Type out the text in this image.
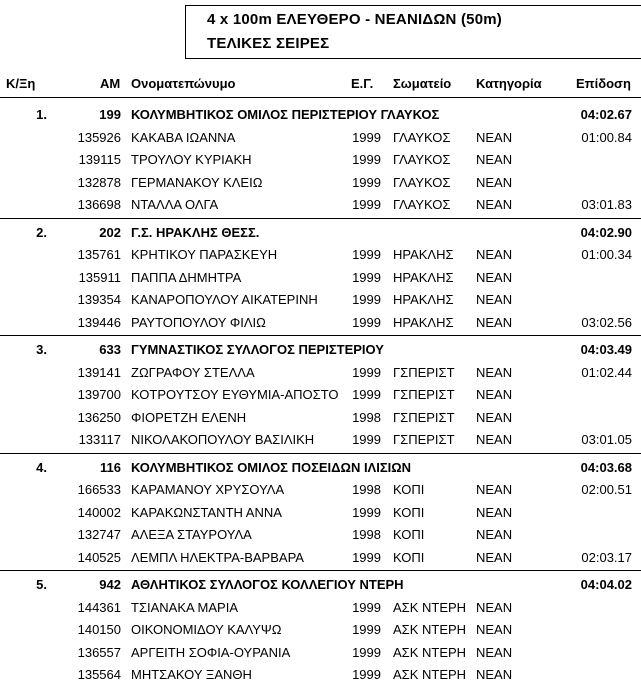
4 x 100m ΕΛΕΥΘΕΡΟ - ΝΕΑΝΙΔΩΝ (50m)
ΤΕΛΙΚΕΣ ΣΕΙΡΕΣ
Κ/Ξη	ΑΜ Ονοματεπώνυμο	Ε.Γ. Σωματείο Κατηγορία	Επίδοση
1.	199 ΚΟΛΥΜΒΗΤΙΚΟΣ ΟΜΙΛΟΣ ΠΕΡΙΣΤΕΡΙΟΥ ΓΛΑΥΚΟΣ	04:02.67
135926 ΚΑΚΑΒΑ ΙΩΑΝΝΑ	1999 ΓΛΑΥΚΟΣ ΝΕΑΝ	01:00.84
139115 ΤΡΟΥΛΟΥ ΚΥΡΙΑΚΗ	1999 ΓΛΑΥΚΟΣ ΝΕΑΝ
132878 ΓΕΡΜΑΝΑΚΟΥ ΚΛΕΙΩ	1999 ΓΛΑΥΚΟΣ ΝΕΑΝ
136698 ΝΤΑΛΛΑ ΟΛΓΑ	1999 ΓΛΑΥΚΟΣ ΝΕΑΝ	03:01.83
2.	202 Γ.Σ. ΗΡΑΚΛΗΣ ΘΕΣΣ.	04:02.90
135761 ΚΡΗΤΙΚΟΥ ΠΑΡΑΣΚΕΥΗ	1999 ΗΡΑΚΛΗΣ ΝΕΑΝ	01:00.34
135911 ΠΑΠΠΑ ΔΗΜΗΤΡΑ	1999 ΗΡΑΚΛΗΣ ΝΕΑΝ
139354 ΚΑΝΑΡΟΠΟΥΛΟΥ ΑΙΚΑΤΕΡΙΝΗ	1999 ΗΡΑΚΛΗΣ ΝΕΑΝ
139446 ΡΑΥΤΟΠΟΥΛΟΥ ΦΙΛΙΩ	1999 ΗΡΑΚΛΗΣ ΝΕΑΝ	03:02.56
3.	633 ΓΥΜΝΑΣΤΙΚΟΣ ΣΥΛΛΟΓΟΣ ΠΕΡΙΣΤΕΡΙΟΥ	04:03.49
139141 ΖΩΓΡΑΦΟΥ ΣΤΕΛΛΑ	1999 ΓΣΠΕΡΙΣΤ ΝΕΑΝ	01:02.44
139700 ΚΟΤΡΟΥΤΣΟΥ ΕΥΘΥΜΙΑ-ΑΠΟΣΤΟ	1999 ΓΣΠΕΡΙΣΤ ΝΕΑΝ
136250 ΦΙΟΡΕΤΖΗ ΕΛΕΝΗ	1998 ΓΣΠΕΡΙΣΤ ΝΕΑΝ
133117 ΝΙΚΟΛΑΚΟΠΟΥΛΟΥ ΒΑΣΙΛΙΚΗ	1999 ΓΣΠΕΡΙΣΤ ΝΕΑΝ	03:01.05
4.	116 ΚΟΛΥΜΒΗΤΙΚΟΣ ΟΜΙΛΟΣ ΠΟΣΕΙΔΩΝ ΙΛΙΣΙΩΝ	04:03.68
166533 ΚΑΡΑΜΑΝΟΥ ΧΡΥΣΟΥΛΑ	1998 ΚΟΠΙ	ΝΕΑΝ	02:00.51
140002 ΚΑΡΑΚΩΝΣΤΑΝΤΗ ΑΝΝΑ	1999 ΚΟΠΙ	ΝΕΑΝ
132747 ΑΛΕΞΑ ΣΤΑΥΡΟΥΛΑ	1998 ΚΟΠΙ	ΝΕΑΝ
140525 ΛΕΜΠΛ ΗΛΕΚΤΡΑ-ΒΑΡΒΑΡΑ	1999 ΚΟΠΙ	ΝΕΑΝ	02:03.17
5.	942 ΑΘΛΗΤΙΚΟΣ ΣΥΛΛΟΓΟΣ ΚΟΛΛΕΓΙΟΥ ΝΤΕΡΗ	04:04.02
144361 ΤΣΙΑΝΑΚΑ ΜΑΡΙΑ	1999 ΑΣΚ ΝΤΕΡΗ ΝΕΑΝ
140150 ΟΙΚΟΝΟΜΙΔΟΥ ΚΑΛΥΨΩ	1999 ΑΣΚ ΝΤΕΡΗ ΝΕΑΝ
136557 ΑΡΓΕΙΤΗ ΣΟΦΙΑ-ΟΥΡΑΝΙΑ	1999 ΑΣΚ ΝΤΕΡΗ ΝΕΑΝ
135564 ΜΗΤΣΑΚΟΥ ΞΑΝΘΗ	1999 ΑΣΚ ΝΤΕΡΗ ΝΕΑΝ
